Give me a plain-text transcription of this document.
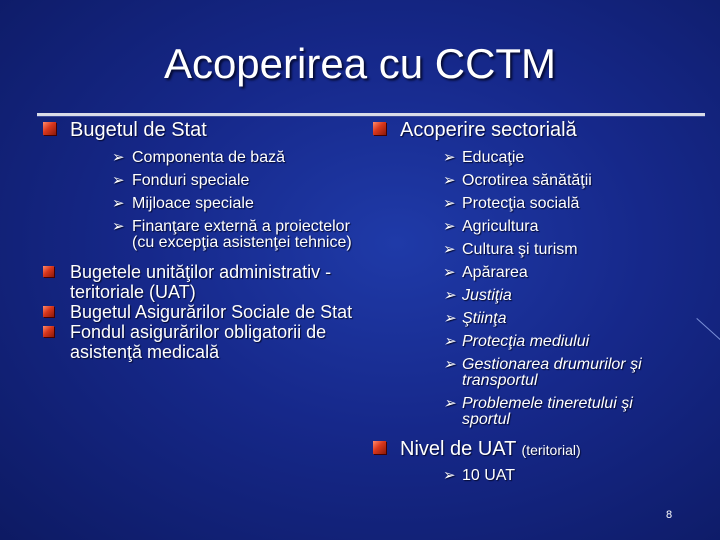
Acoperirea cu CCTM
Bugetul de Stat
➢ Componenta de bază
➢ Fonduri speciale
➢ Mijloace speciale
➢ Finanţare externă a proiectelor (cu excepţia asistenţei tehnice)
Bugetele unităţilor administrativ -teritoriale (UAT)
Bugetul Asigurărilor Sociale de Stat
Fondul asigurărilor obligatorii de asistenţă medicală
Acoperire sectorială
➢ Educaţie
➢ Ocrotirea sănătăţii
➢ Protecţia socială
➢ Agricultura
➢ Cultura şi turism
➢ Apărarea
➢ Justiţia
➢ Ştiinţa
➢ Protecţia mediului
➢ Gestionarea drumurilor şi transportul
➢ Problemele tineretului şi sportul
Nivel de UAT (teritorial)
➢ 10 UAT
8
